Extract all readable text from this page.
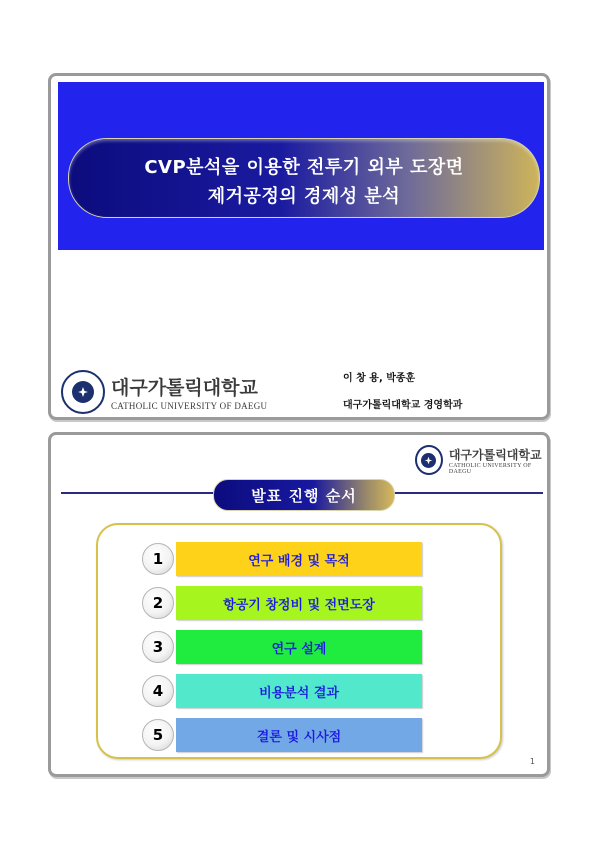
CVP분석을 이용한 전투기 외부 도장면
제거공정의 경제성 분석
대구가톨릭대학교
CATHOLIC UNIVERSITY OF DAEGU
이 창 용, 박종훈
대구가톨릭대학교 경영학과
대구가톨릭대학교
CATHOLIC UNIVERSITY OF DAEGU
발표 진행 순서
1	연구 배경 및 목적
2	항공기 창정비 및 전면도장
3	연구 설계
4	비용분석 결과
5	결론 및 시사점
1
